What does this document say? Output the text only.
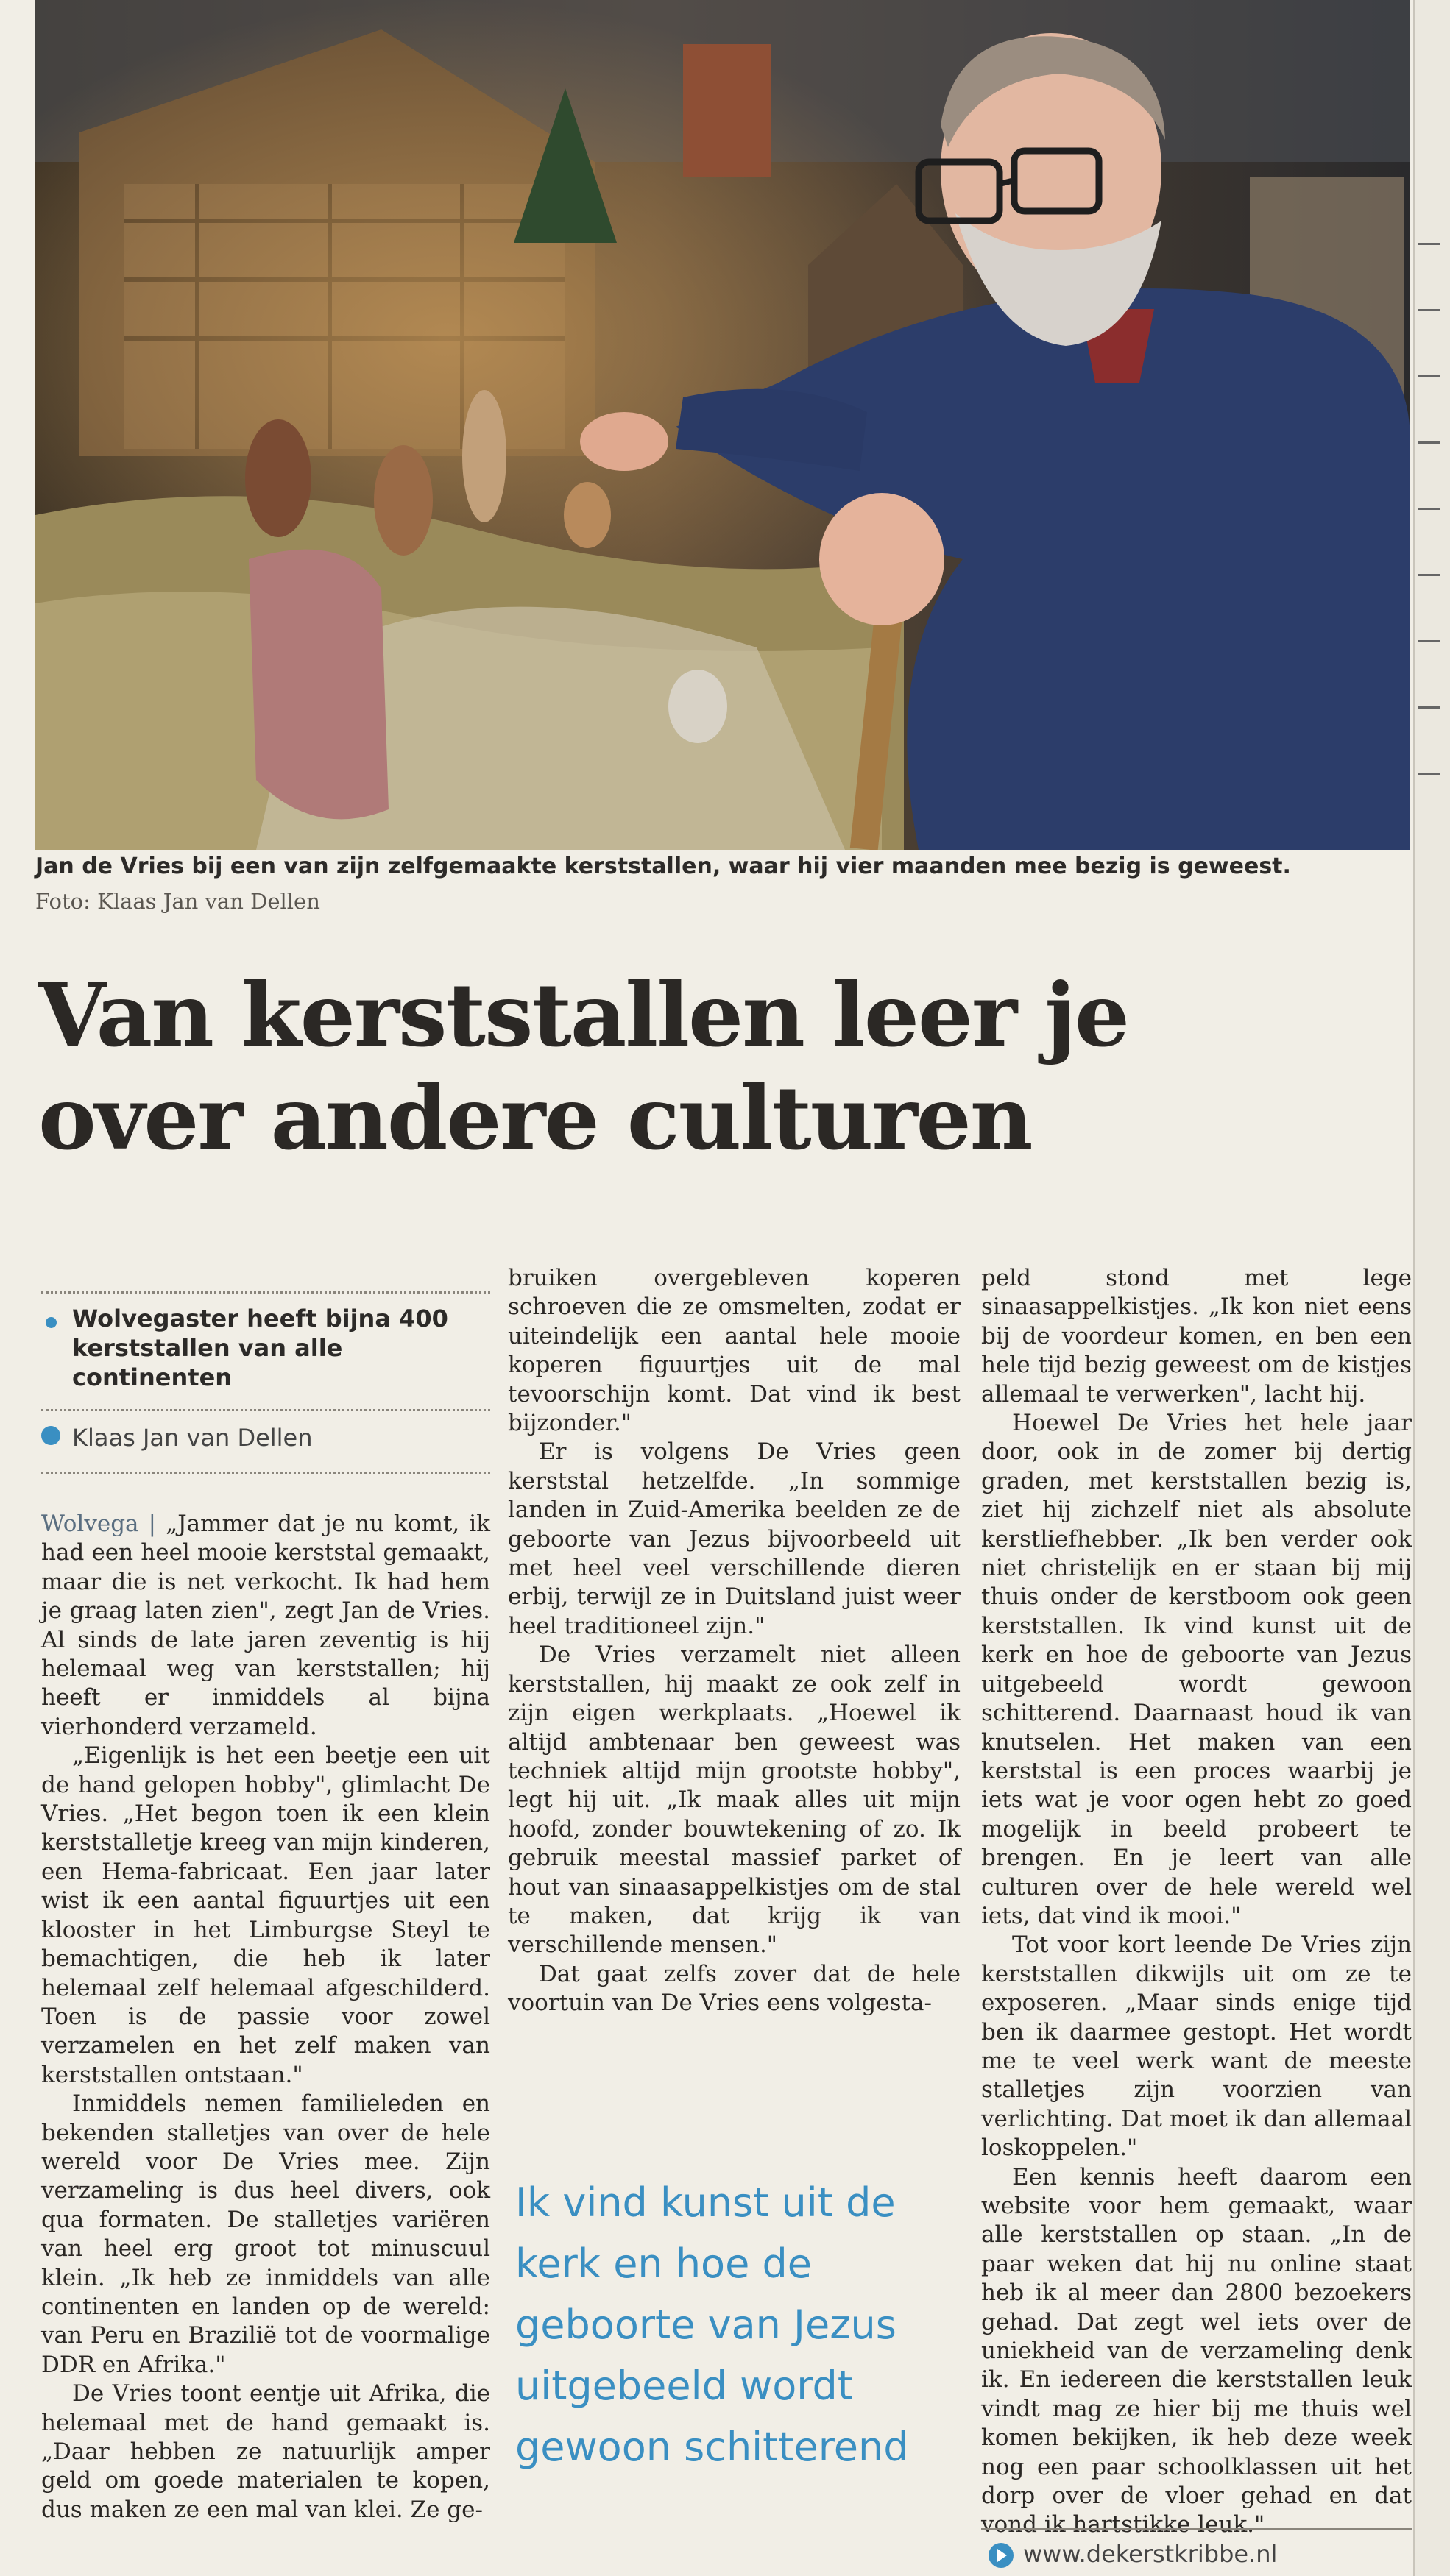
Jan de Vries bij een van zijn zelfgemaakte kerststallen, waar hij vier maanden mee bezig is geweest.
Foto: Klaas Jan van Dellen
Van kerststallen leer je
over andere culturen
Wolvegaster heeft bijna 400 kerststallen van alle continenten
Klaas Jan van Dellen

Wolvega | „Jammer dat je nu komt, ik had een heel mooie kerststal gemaakt, maar die is net verkocht. Ik had hem je graag laten zien", zegt Jan de Vries. Al sinds de late jaren zeventig is hij helemaal weg van kerststallen; hij heeft er inmiddels al bijna vierhonderd verzameld.

„Eigenlijk is het een beetje een uit de hand gelopen hobby", glimlacht De Vries. „Het begon toen ik een klein kerststalletje kreeg van mijn kinderen, een Hema-fabricaat. Een jaar later wist ik een aantal figuurtjes uit een klooster in het Limburgse Steyl te bemachtigen, die heb ik later helemaal zelf helemaal afgeschilderd. Toen is de passie voor zowel verzamelen en het zelf maken van kerststallen ontstaan."

Inmiddels nemen familieleden en bekenden stalletjes van over de hele wereld voor De Vries mee. Zijn verzameling is dus heel divers, ook qua formaten. De stalletjes variëren van heel erg groot tot minuscuul klein. „Ik heb ze inmiddels van alle continenten en landen op de wereld: van Peru en Brazilië tot de voormalige DDR en Afrika."

De Vries toont eentje uit Afrika, die helemaal met de hand gemaakt is. „Daar hebben ze natuurlijk amper geld om goede materialen te kopen, dus maken ze een mal van klei. Ze ge-

bruiken overgebleven koperen schroeven die ze omsmelten, zodat er uiteindelijk een aantal hele mooie koperen figuurtjes uit de mal tevoorschijn komt. Dat vind ik best bijzonder."

Er is volgens De Vries geen kerststal hetzelfde. „In sommige landen in Zuid-Amerika beelden ze de geboorte van Jezus bijvoorbeeld uit met heel veel verschillende dieren erbij, terwijl ze in Duitsland juist weer heel traditioneel zijn."

De Vries verzamelt niet alleen kerststallen, hij maakt ze ook zelf in zijn eigen werkplaats. „Hoewel ik altijd ambtenaar ben geweest was techniek altijd mijn grootste hobby", legt hij uit. „Ik maak alles uit mijn hoofd, zonder bouwtekening of zo. Ik gebruik meestal massief parket of hout van sinaasappelkistjes om de stal te maken, dat krijg ik van verschillende mensen."

Dat gaat zelfs zover dat de hele voortuin van De Vries eens volgesta-

Ik vind kunst uit de kerk en hoe de geboorte van Jezus uitgebeeld wordt gewoon schitterend

peld stond met lege sinaasappelkistjes. „Ik kon niet eens bij de voordeur komen, en ben een hele tijd bezig geweest om de kistjes allemaal te verwerken", lacht hij.

Hoewel De Vries het hele jaar door, ook in de zomer bij dertig graden, met kerststallen bezig is, ziet hij zichzelf niet als absolute kerstliefhebber. „Ik ben verder ook niet christelijk en er staan bij mij thuis onder de kerstboom ook geen kerststallen. Ik vind kunst uit de kerk en hoe de geboorte van Jezus uitgebeeld wordt gewoon schitterend. Daarnaast houd ik van knutselen. Het maken van een kerststal is een proces waarbij je iets wat je voor ogen hebt zo goed mogelijk in beeld probeert te brengen. En je leert van alle culturen over de hele wereld wel iets, dat vind ik mooi."

Tot voor kort leende De Vries zijn kerststallen dikwijls uit om ze te exposeren. „Maar sinds enige tijd ben ik daarmee gestopt. Het wordt me te veel werk want de meeste stalletjes zijn voorzien van verlichting. Dat moet ik dan allemaal loskoppelen."

Een kennis heeft daarom een website voor hem gemaakt, waar alle kerststallen op staan. „In de paar weken dat hij nu online staat heb ik al meer dan 2800 bezoekers gehad. Dat zegt wel iets over de uniekheid van de verzameling denk ik. En iedereen die kerststallen leuk vindt mag ze hier bij me thuis wel komen bekijken, ik heb deze week nog een paar schoolklassen uit het dorp over de vloer gehad en dat vond ik hartstikke leuk."

www.dekerstkribbe.nl
